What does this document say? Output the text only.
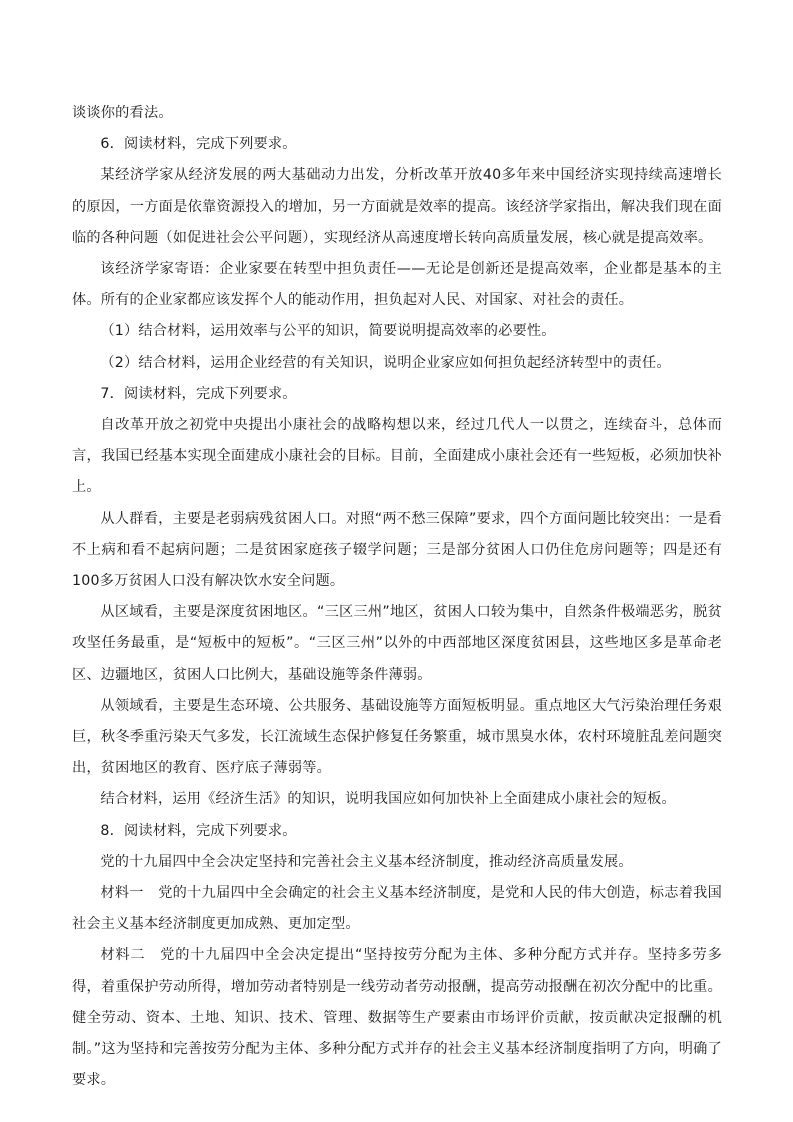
谈谈你的看法。

6．阅读材料，完成下列要求。

某经济学家从经济发展的两大基础动力出发，分析改革开放40多年来中国经济实现持续高速增长的原因，一方面是依靠资源投入的增加，另一方面就是效率的提高。该经济学家指出，解决我们现在面临的各种问题（如促进社会公平问题），实现经济从高速度增长转向高质量发展，核心就是提高效率。

该经济学家寄语：企业家要在转型中担负责任——无论是创新还是提高效率，企业都是基本的主体。所有的企业家都应该发挥个人的能动作用，担负起对人民、对国家、对社会的责任。

（1）结合材料，运用效率与公平的知识，简要说明提高效率的必要性。

（2）结合材料，运用企业经营的有关知识，说明企业家应如何担负起经济转型中的责任。

7．阅读材料，完成下列要求。

自改革开放之初党中央提出小康社会的战略构想以来，经过几代人一以贯之，连续奋斗，总体而言，我国已经基本实现全面建成小康社会的目标。目前，全面建成小康社会还有一些短板，必须加快补上。

从人群看，主要是老弱病残贫困人口。对照“两不愁三保障”要求，四个方面问题比较突出：一是看不上病和看不起病问题；二是贫困家庭孩子辍学问题；三是部分贫困人口仍住危房问题等；四是还有100多万贫困人口没有解决饮水安全问题。

从区域看，主要是深度贫困地区。“三区三州”地区，贫困人口较为集中，自然条件极端恶劣，脱贫攻坚任务最重，是“短板中的短板”。“三区三州”以外的中西部地区深度贫困县，这些地区多是革命老区、边疆地区，贫困人口比例大，基础设施等条件薄弱。

从领域看，主要是生态环境、公共服务、基础设施等方面短板明显。重点地区大气污染治理任务艰巨，秋冬季重污染天气多发，长江流域生态保护修复任务繁重，城市黑臭水体，农村环境脏乱差问题突出，贫困地区的教育、医疗底子薄弱等。

结合材料，运用《经济生活》的知识，说明我国应如何加快补上全面建成小康社会的短板。

8．阅读材料，完成下列要求。

党的十九届四中全会决定坚持和完善社会主义基本经济制度，推动经济高质量发展。

材料一　党的十九届四中全会确定的社会主义基本经济制度，是党和人民的伟大创造，标志着我国社会主义基本经济制度更加成熟、更加定型。

材料二　党的十九届四中全会决定提出“坚持按劳分配为主体、多种分配方式并存。坚持多劳多得，着重保护劳动所得，增加劳动者特别是一线劳动者劳动报酬，提高劳动报酬在初次分配中的比重。健全劳动、资本、土地、知识、技术、管理、数据等生产要素由市场评价贡献，按贡献决定报酬的机制。”这为坚持和完善按劳分配为主体、多种分配方式并存的社会主义基本经济制度指明了方向，明确了要求。
